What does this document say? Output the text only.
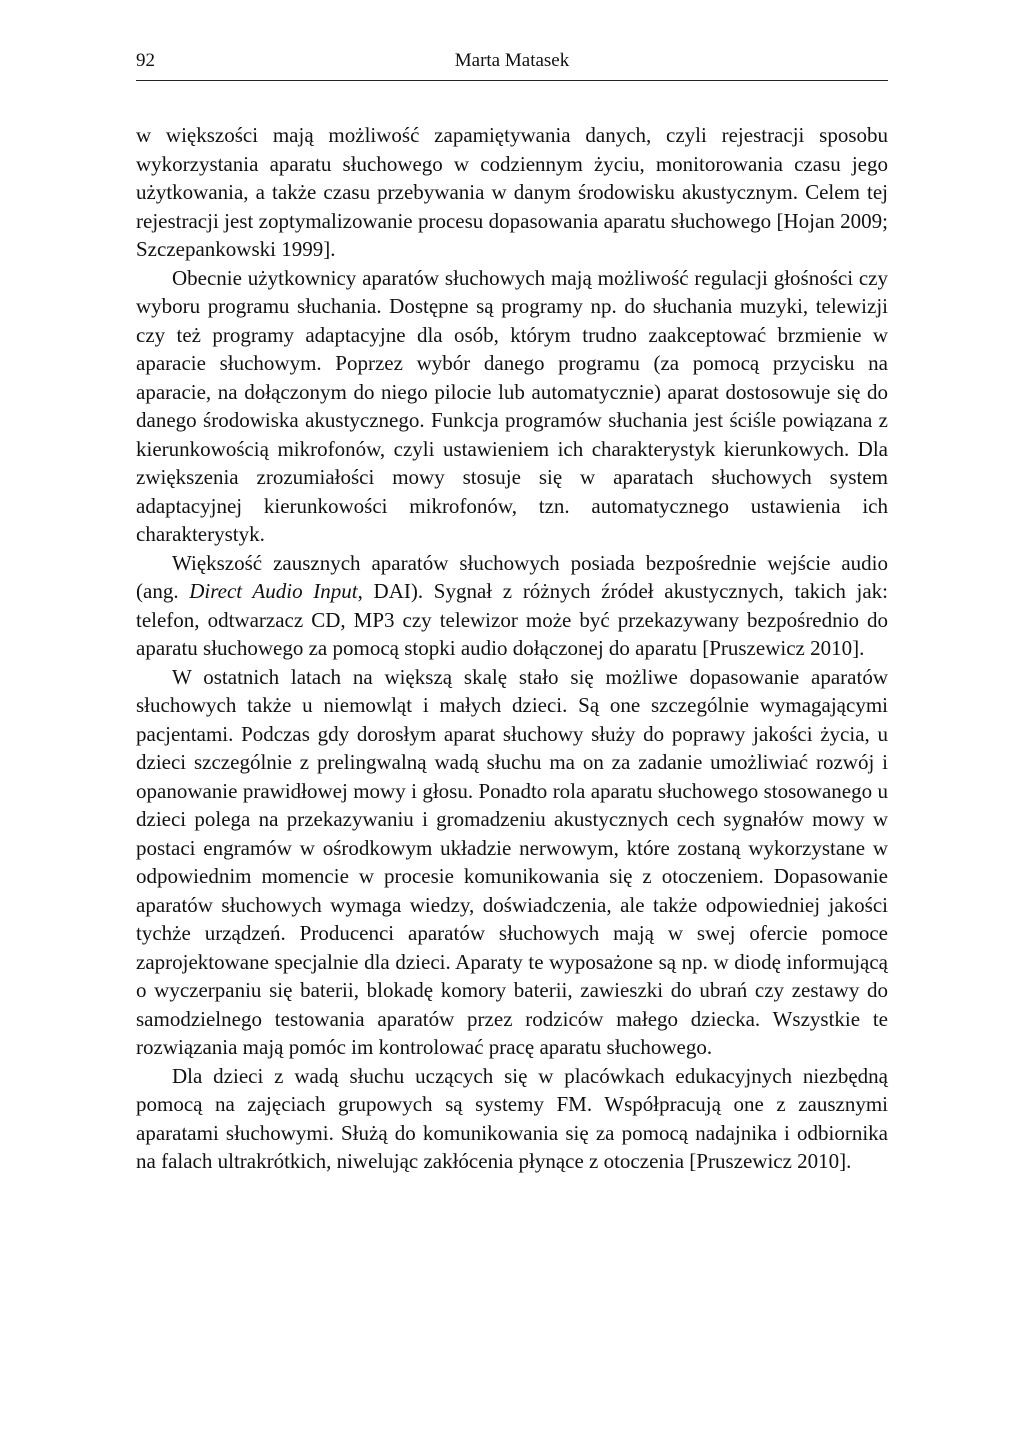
92	Marta Matasek

w większości mają możliwość zapamiętywania danych, czyli rejestracji sposobu wykorzystania aparatu słuchowego w codziennym życiu, monitorowania czasu jego użytkowania, a także czasu przebywania w danym środowisku akustycznym. Celem tej rejestracji jest zoptymalizowanie procesu dopasowania aparatu słuchowego [Hojan 2009; Szczepankowski 1999].

Obecnie użytkownicy aparatów słuchowych mają możliwość regulacji głośności czy wyboru programu słuchania. Dostępne są programy np. do słuchania muzyki, telewizji czy też programy adaptacyjne dla osób, którym trudno zaakceptować brzmienie w aparacie słuchowym. Poprzez wybór danego programu (za pomocą przycisku na aparacie, na dołączonym do niego pilocie lub automatycznie) aparat dostosowuje się do danego środowiska akustycznego. Funkcja programów słuchania jest ściśle powiązana z kierunkowością mikrofonów, czyli ustawieniem ich charakterystyk kierunkowych. Dla zwiększenia zrozumiałości mowy stosuje się w aparatach słuchowych system adaptacyjnej kierunkowości mikrofonów, tzn. automatycznego ustawienia ich charakterystyk.

Większość zausznych aparatów słuchowych posiada bezpośrednie wejście audio (ang. Direct Audio Input, DAI). Sygnał z różnych źródeł akustycznych, takich jak: telefon, odtwarzacz CD, MP3 czy telewizor może być przekazywany bezpośrednio do aparatu słuchowego za pomocą stopki audio dołączonej do aparatu [Pruszewicz 2010].

W ostatnich latach na większą skalę stało się możliwe dopasowanie aparatów słuchowych także u niemowląt i małych dzieci. Są one szczególnie wymagającymi pacjentami. Podczas gdy dorosłym aparat słuchowy służy do poprawy jakości życia, u dzieci szczególnie z prelingwalną wadą słuchu ma on za zadanie umożliwiać rozwój i opanowanie prawidłowej mowy i głosu. Ponadto rola aparatu słuchowego stosowanego u dzieci polega na przekazywaniu i gromadzeniu akustycznych cech sygnałów mowy w postaci engramów w ośrodkowym układzie nerwowym, które zostaną wykorzystane w odpowiednim momencie w procesie komunikowania się z otoczeniem. Dopasowanie aparatów słuchowych wymaga wiedzy, doświadczenia, ale także odpowiedniej jakości tychże urządzeń. Producenci aparatów słuchowych mają w swej ofercie pomoce zaprojektowane specjalnie dla dzieci. Aparaty te wyposażone są np. w diodę informującą o wyczerpaniu się baterii, blokadę komory baterii, zawieszki do ubrań czy zestawy do samodzielnego testowania aparatów przez rodziców małego dziecka. Wszystkie te rozwiązania mają pomóc im kontrolować pracę aparatu słuchowego.

Dla dzieci z wadą słuchu uczących się w placówkach edukacyjnych niezbędną pomocą na zajęciach grupowych są systemy FM. Współpracują one z zausznymi aparatami słuchowymi. Służą do komunikowania się za pomocą nadajnika i odbiornika na falach ultrakrótkich, niwelując zakłócenia płynące z otoczenia [Pruszewicz 2010].
